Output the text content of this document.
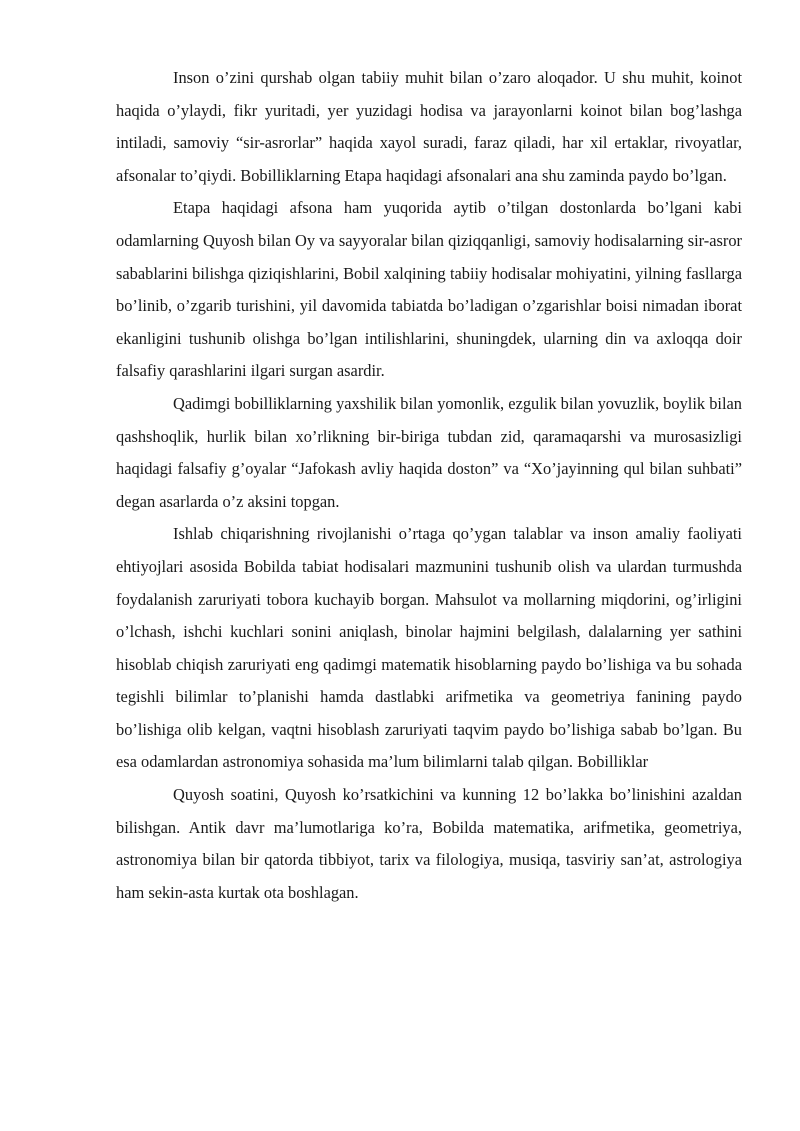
Inson o’zini qurshab olgan tabiiy muhit bilan o’zaro aloqador. U shu muhit, koinot haqida o’ylaydi, fikr yuritadi, yer yuzidagi hodisa va jarayonlarni koinot bilan bog’lashga intiladi, samoviy “sir-asrorlar” haqida xayol suradi, faraz qiladi, har xil ertaklar, rivoyatlar, afsonalar to’qiydi. Bobilliklarning Etapa haqidagi afsonalari ana shu zaminda paydo bo’lgan.

Etapa haqidagi afsona ham yuqorida aytib o’tilgan dostonlarda bo’lgani kabi odamlarning Quyosh bilan Oy va sayyoralar bilan qiziqqanligi, samoviy hodisalarning sir-asror sabablarini bilishga qiziqishlarini, Bobil xalqining tabiiy hodisalar mohiyatini, yilning fasllarga bo’linib, o’zgarib turishini, yil davomida tabiatda bo’ladigan o’zgarishlar boisi nimadan iborat ekanligini tushunib olishga bo’lgan intilishlarini, shuningdek, ularning din va axloqqa doir falsafiy qarashlarini ilgari surgan asardir.

Qadimgi bobilliklarning yaxshilik bilan yomonlik, ezgulik bilan yovuzlik, boylik bilan qashshoqlik, hurlik bilan xo’rlikning bir-biriga tubdan zid, qaramaqarshi va murosasizligi haqidagi falsafiy g’oyalar “Jafokash avliy haqida doston” va “Xo’jayinning qul bilan suhbati” degan asarlarda o’z aksini topgan.

Ishlab chiqarishning rivojlanishi o’rtaga qo’ygan talablar va inson amaliy faoliyati ehtiyojlari asosida Bobilda tabiat hodisalari mazmunini tushunib olish va ulardan turmushda foydalanish zaruriyati tobora kuchayib borgan. Mahsulot va mollarning miqdorini, og’irligini o’lchash, ishchi kuchlari sonini aniqlash, binolar hajmini belgilash, dalalarning yer sathini hisoblab chiqish zaruriyati eng qadimgi matematik hisoblarning paydo bo’lishiga va bu sohada tegishli bilimlar to’planishi hamda dastlabki arifmetika va geometriya fanining paydo bo’lishiga olib kelgan, vaqtni hisoblash zaruriyati taqvim paydo bo’lishiga sabab bo’lgan. Bu esa odamlardan astronomiya sohasida ma’lum bilimlarni talab qilgan. Bobilliklar

Quyosh soatini, Quyosh ko’rsatkichini va kunning 12 bo’lakka bo’linishini azaldan bilishgan. Antik davr ma’lumotlariga ko’ra, Bobilda matematika, arifmetika, geometriya, astronomiya bilan bir qatorda tibbiyot, tarix va filologiya, musiqa, tasviriy san’at, astrologiya ham sekin-asta kurtak ota boshlagan.
